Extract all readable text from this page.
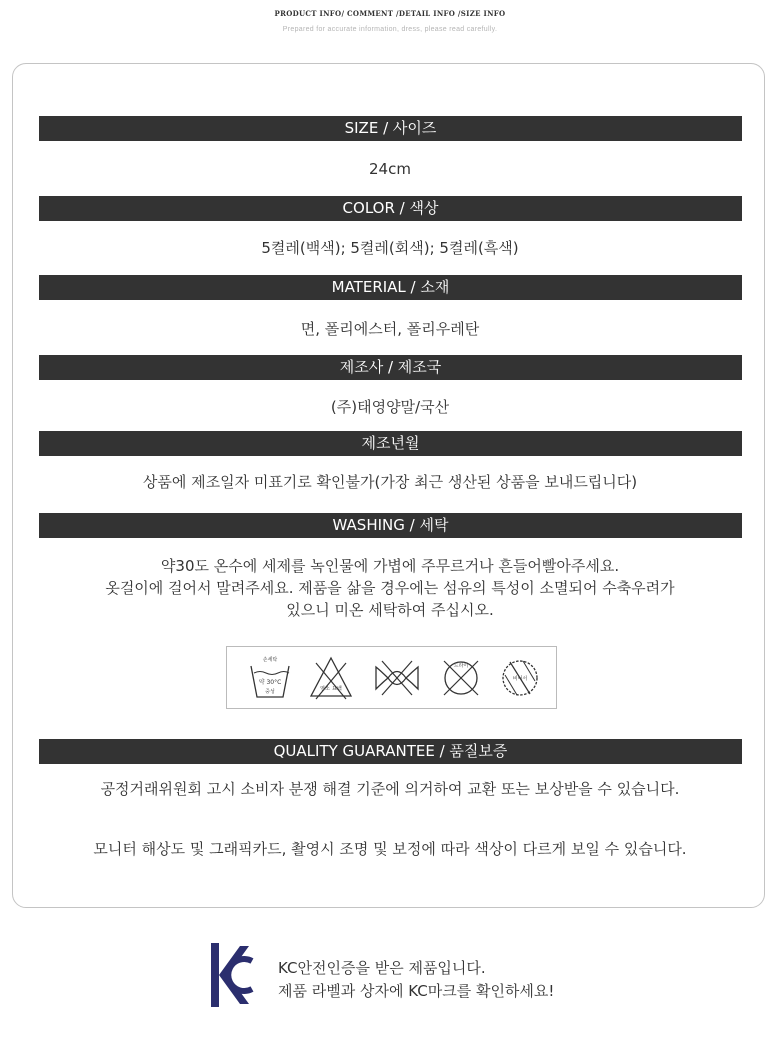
PRODUCT INFO/ COMMENT /DETAIL INFO /SIZE INFO
Prepared for accurate information, dress, please read carefully.
SIZE / 사이즈
24cm
COLOR / 색상
5켤레(백색); 5켤레(회색); 5켤레(흑색)
MATERIAL / 소재
면, 폴리에스터, 폴리우레탄
제조사 / 제조국
(주)태영양말/국산
제조년월
상품에 제조일자 미표기로 확인불가(가장 최근 생산된 상품을 보내드립니다)
WASHING / 세탁
약30도 온수에 세제를 녹인물에 가볍에 주무르거나 흔들어빨아주세요.
옷걸이에 걸어서 말려주세요. 제품을 삶을 경우에는 섬유의 특성이 소멸되어 수축우려가
있으니 미온 세탁하여 주십시오.
손세탁
약 30°C
중성	염소 표백
드라이
비어서
QUALITY GUARANTEE / 품질보증
공정거래위원회 고시 소비자 분쟁 해결 기준에 의거하여 교환 또는 보상받을 수 있습니다.
모니터 해상도 및 그래픽카드, 촬영시 조명 및 보정에 따라 색상이 다르게 보일 수 있습니다.
KC
KC안전인증을 받은 제품입니다.
제품 라벨과 상자에 KC마크를 확인하세요!
